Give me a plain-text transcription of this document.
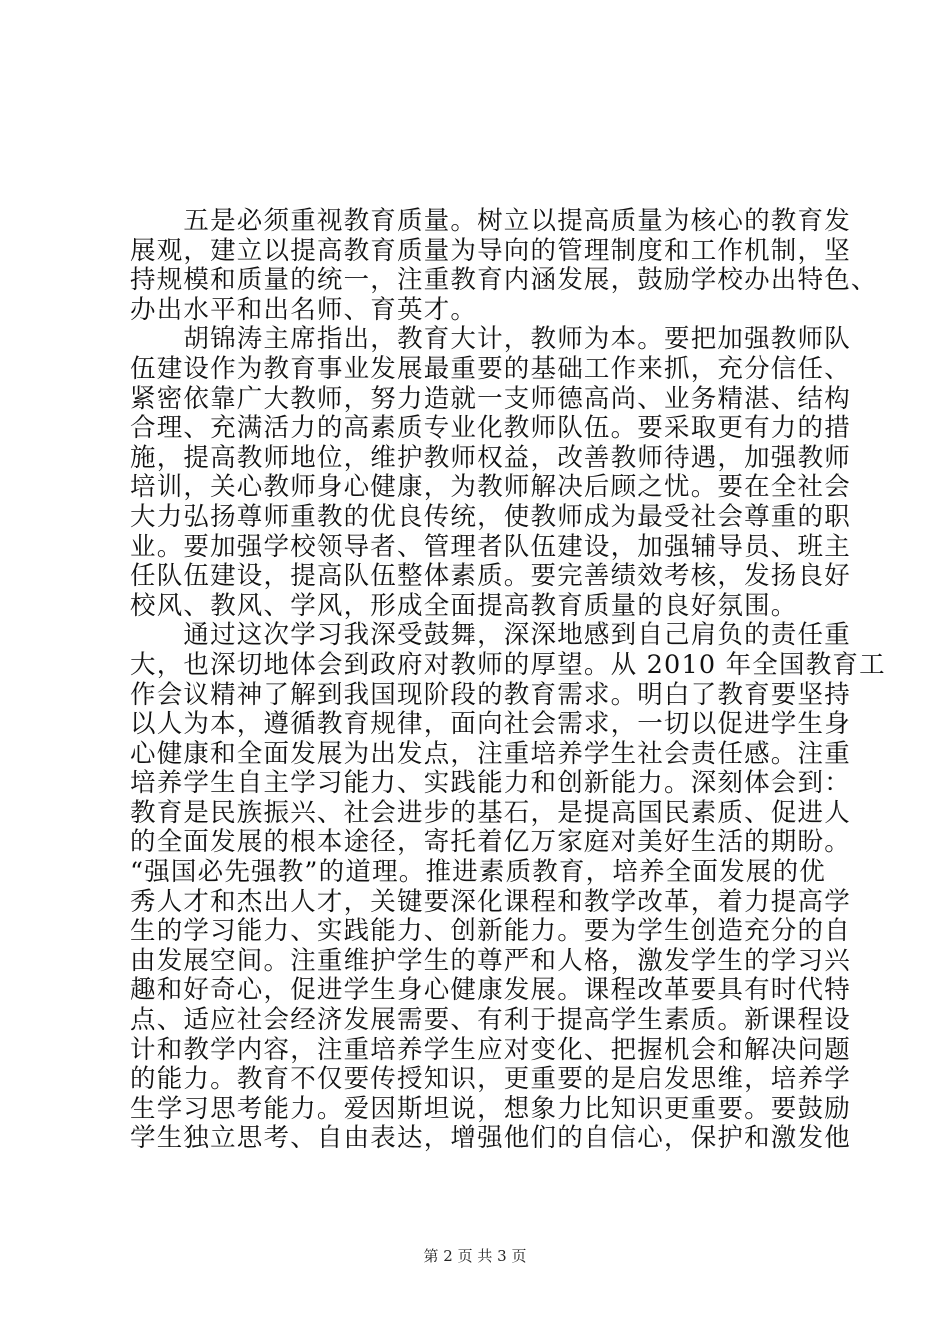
　　五是必须重视教育质量。树立以提高质量为核心的教育发
展观，建立以提高教育质量为导向的管理制度和工作机制，坚
持规模和质量的统一，注重教育内涵发展，鼓励学校办出特色、
办出水平和出名师、育英才。
　　胡锦涛主席指出，教育大计，教师为本。要把加强教师队
伍建设作为教育事业发展最重要的基础工作来抓，充分信任、
紧密依靠广大教师，努力造就一支师德高尚、业务精湛、结构
合理、充满活力的高素质专业化教师队伍。要采取更有力的措
施，提高教师地位，维护教师权益，改善教师待遇，加强教师
培训，关心教师身心健康，为教师解决后顾之忧。要在全社会
大力弘扬尊师重教的优良传统，使教师成为最受社会尊重的职
业。要加强学校领导者、管理者队伍建设，加强辅导员、班主
任队伍建设，提高队伍整体素质。要完善绩效考核，发扬良好
校风、教风、学风，形成全面提高教育质量的良好氛围。
　　通过这次学习我深受鼓舞，深深地感到自己肩负的责任重
大，也深切地体会到政府对教师的厚望。从 2010 年全国教育工
作会议精神了解到我国现阶段的教育需求。明白了教育要坚持
以人为本，遵循教育规律，面向社会需求，一切以促进学生身
心健康和全面发展为出发点，注重培养学生社会责任感。注重
培养学生自主学习能力、实践能力和创新能力。深刻体会到：
教育是民族振兴、社会进步的基石，是提高国民素质、促进人
的全面发展的根本途径，寄托着亿万家庭对美好生活的期盼。
“强国必先强教”的道理。推进素质教育，培养全面发展的优
秀人才和杰出人才，关键要深化课程和教学改革，着力提高学
生的学习能力、实践能力、创新能力。要为学生创造充分的自
由发展空间。注重维护学生的尊严和人格，激发学生的学习兴
趣和好奇心，促进学生身心健康发展。课程改革要具有时代特
点、适应社会经济发展需要、有利于提高学生素质。新课程设
计和教学内容，注重培养学生应对变化、把握机会和解决问题
的能力。教育不仅要传授知识，更重要的是启发思维，培养学
生学习思考能力。爱因斯坦说，想象力比知识更重要。要鼓励
学生独立思考、自由表达，增强他们的自信心，保护和激发他
第 2 页 共 3 页
